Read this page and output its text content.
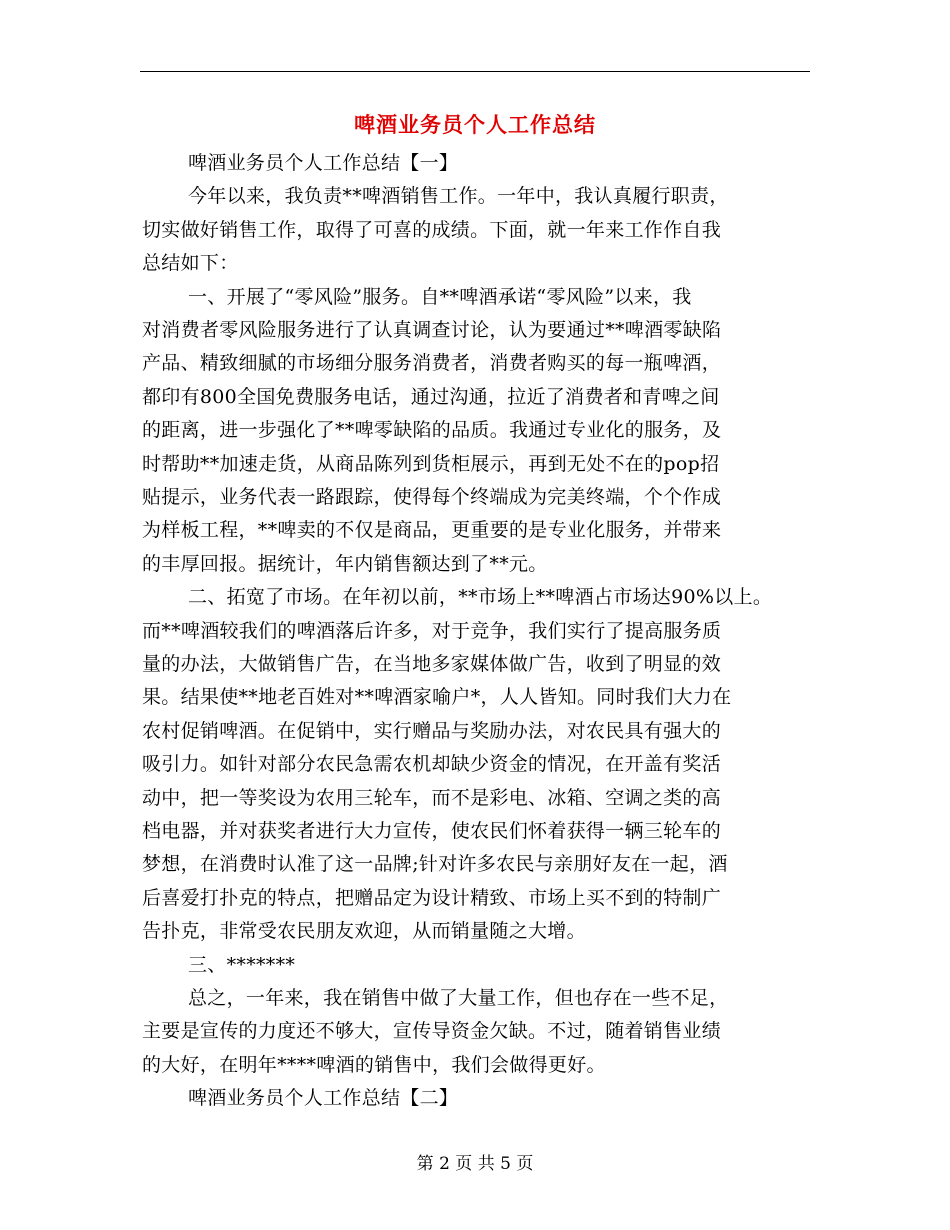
啤酒业务员个人工作总结
啤酒业务员个人工作总结【一】
今年以来，我负责**啤酒销售工作。一年中，我认真履行职责，
切实做好销售工作，取得了可喜的成绩。下面，就一年来工作作自我
总结如下：
一、开展了“零风险”服务。自**啤酒承诺“零风险”以来，我
对消费者零风险服务进行了认真调查讨论，认为要通过**啤酒零缺陷
产品、精致细腻的市场细分服务消费者，消费者购买的每一瓶啤酒，
都印有800全国免费服务电话，通过沟通，拉近了消费者和青啤之间
的距离，进一步强化了**啤零缺陷的品质。我通过专业化的服务，及
时帮助**加速走货，从商品陈列到货柜展示，再到无处不在的pop招
贴提示，业务代表一路跟踪，使得每个终端成为完美终端，个个作成
为样板工程，**啤卖的不仅是商品，更重要的是专业化服务，并带来
的丰厚回报。据统计，年内销售额达到了**元。
二、拓宽了市场。在年初以前，**市场上**啤酒占市场达90%以上。
而**啤酒较我们的啤酒落后许多，对于竞争，我们实行了提高服务质
量的办法，大做销售广告，在当地多家媒体做广告，收到了明显的效
果。结果使**地老百姓对**啤酒家喻户*，人人皆知。同时我们大力在
农村促销啤酒。在促销中，实行赠品与奖励办法，对农民具有强大的
吸引力。如针对部分农民急需农机却缺少资金的情况，在开盖有奖活
动中，把一等奖设为农用三轮车，而不是彩电、冰箱、空调之类的高
档电器，并对获奖者进行大力宣传，使农民们怀着获得一辆三轮车的
梦想，在消费时认准了这一品牌;针对许多农民与亲朋好友在一起，酒
后喜爱打扑克的特点，把赠品定为设计精致、市场上买不到的特制广
告扑克，非常受农民朋友欢迎，从而销量随之大增。
三、*******
总之，一年来，我在销售中做了大量工作，但也存在一些不足，
主要是宣传的力度还不够大，宣传导资金欠缺。不过，随着销售业绩
的大好，在明年****啤酒的销售中，我们会做得更好。
啤酒业务员个人工作总结【二】
第 2 页 共 5 页
